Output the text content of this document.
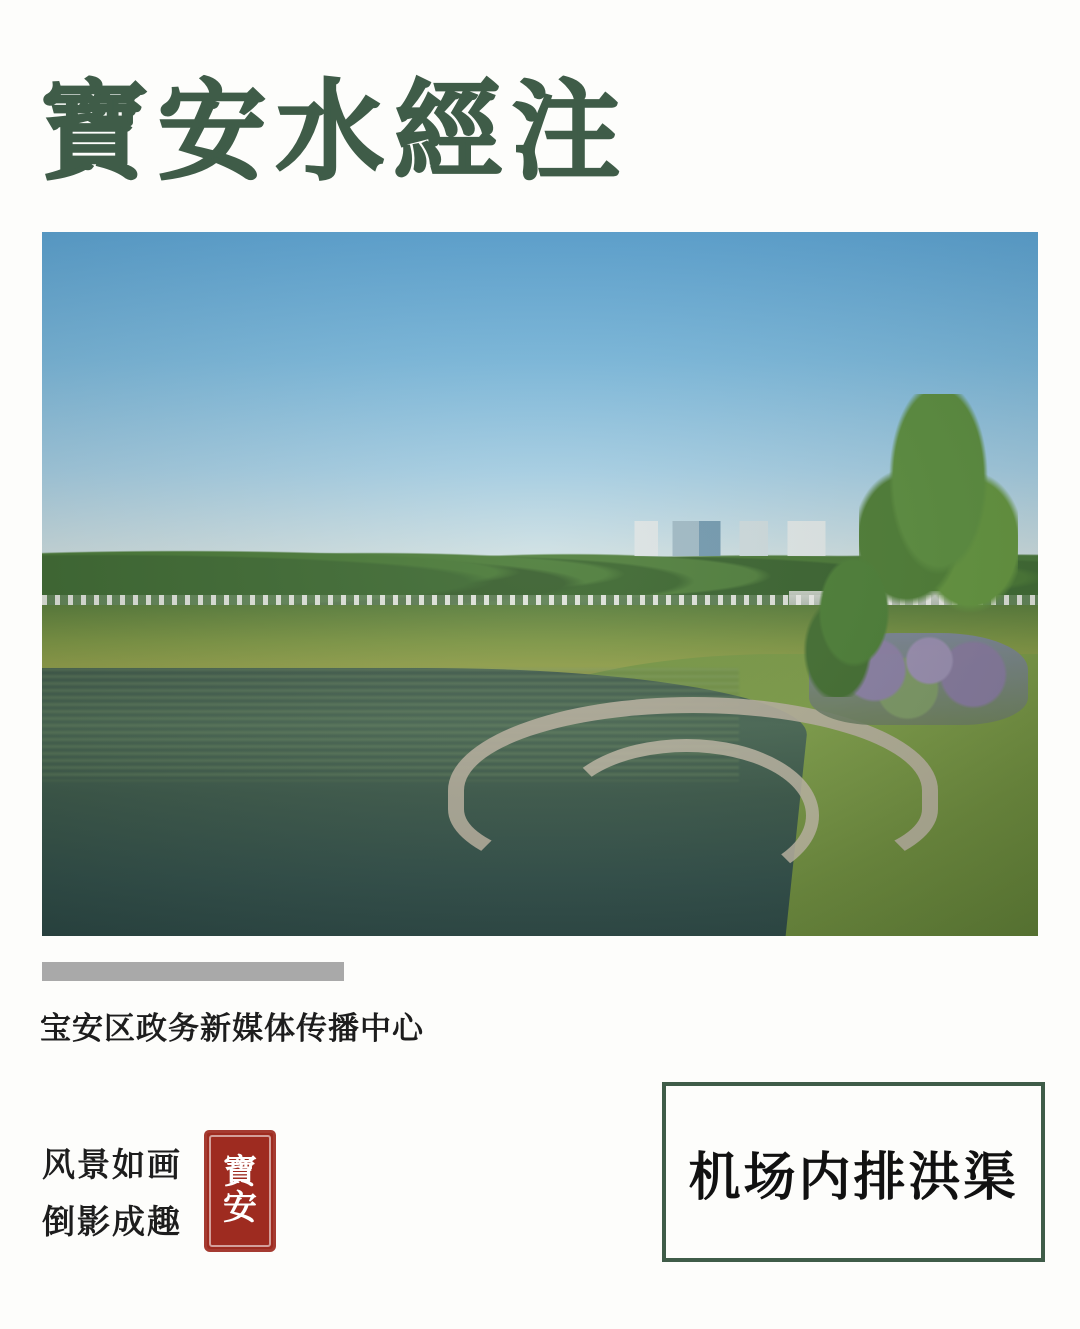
寶安水經注
宝安区政务新媒体传播中心
风景如画
倒影成趣
寶
安
机场内排洪渠
